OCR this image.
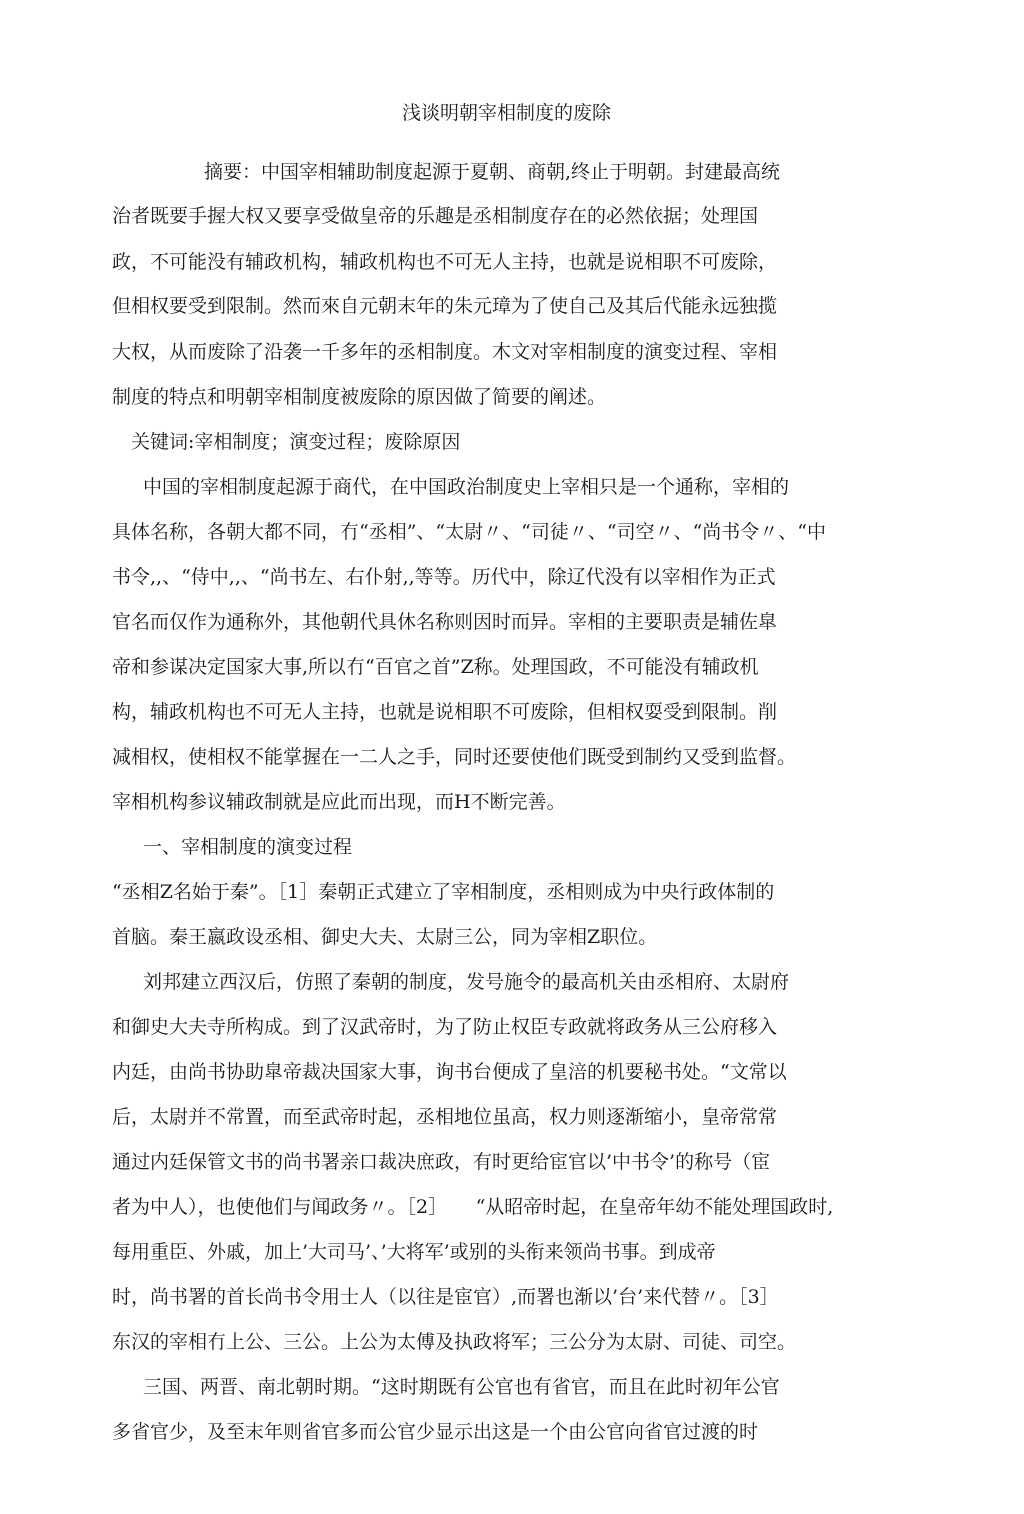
浅谈明朝宰相制度的废除

摘要：中国宰相辅助制度起源于夏朝、商朝,终止于明朝。封建最高统

治者既要手握大权又要享受做皇帝的乐趣是丞相制度存在的必然依据；处理国

政，不可能没有辅政机构，辅政机构也不可无人主持，也就是说相职不可废除，

但相权要受到限制。然而來自元朝末年的朱元璋为了使自己及其后代能永远独揽

大权，从而废除了沿袭一千多年的丞相制度。木文对宰相制度的演变过程、宰相

制度的特点和明朝宰相制度被废除的原因做了简要的阐述。

关键词:宰相制度；演变过程；废除原因

中国的宰相制度起源于商代，在中国政治制度史上宰相只是一个通称，宰相的

具体名称，各朝大都不同，冇“丞相”、“太尉〃、“司徒〃、“司空〃、“尚书令〃、“中

书令,,、“侍中,,、“尚书左、右仆射,,等等。历代中，除辽代没有以宰相作为正式

官名而仅作为通称外，其他朝代具休名称则因时而异。宰相的主要职责是辅佐皐

帝和参谋决定国家大事,所以冇“百官之首”Z称。处理国政，不可能没有辅政机

构，辅政机构也不可无人主持，也就是说相职不可废除，但相权耍受到限制。削

减相权，使相权不能掌握在一二人之手，同时还要使他们既受到制约又受到监督。

宰相机构参议辅政制就是应此而出现，而H不断完善。

一、宰相制度的演变过程

“丞相Z名始于秦”。［1］秦朝正式建立了宰相制度，丞相则成为中央行政体制的

首脑。秦王嬴政设丞相、御史大夫、太尉三公，同为宰相Z职位。

刘邦建立西汉后，仿照了秦朝的制度，发号施令的最高机关由丞相府、太尉府

和御史大夫寺所构成。到了汉武帝时，为了防止权臣专政就将政务从三公府移入

内廷，由尚书协助皐帝裁决国家大事，询书台便成了皇涪的机要秘书处。“文常以

后，太尉并不常置，而至武帝时起，丞相地位虽高，权力则逐渐缩小，皇帝常常

通过内廷保管文书的尚书署亲口裁决庶政，有时更给宦官以’中书令’的称号（宦

者为中人），也使他们与闻政务〃。［2］　　“从昭帝时起，在皇帝年幼不能处理国政时,

每用重臣、外戚，加上’大司马’、’大将军’或别的头衔来领尚书事。到成帝

时，尚书署的首长尚书令用士人（以往是宦官）,而署也渐以’台’来代替〃。［3］

东汉的宰相冇上公、三公。上公为太傅及执政将军；三公分为太尉、司徒、司空。

三国、两晋、南北朝时期。“这时期既有公官也有省官，而且在此时初年公官

多省官少，及至末年则省官多而公官少显示出这是一个由公官向省官过渡的时
